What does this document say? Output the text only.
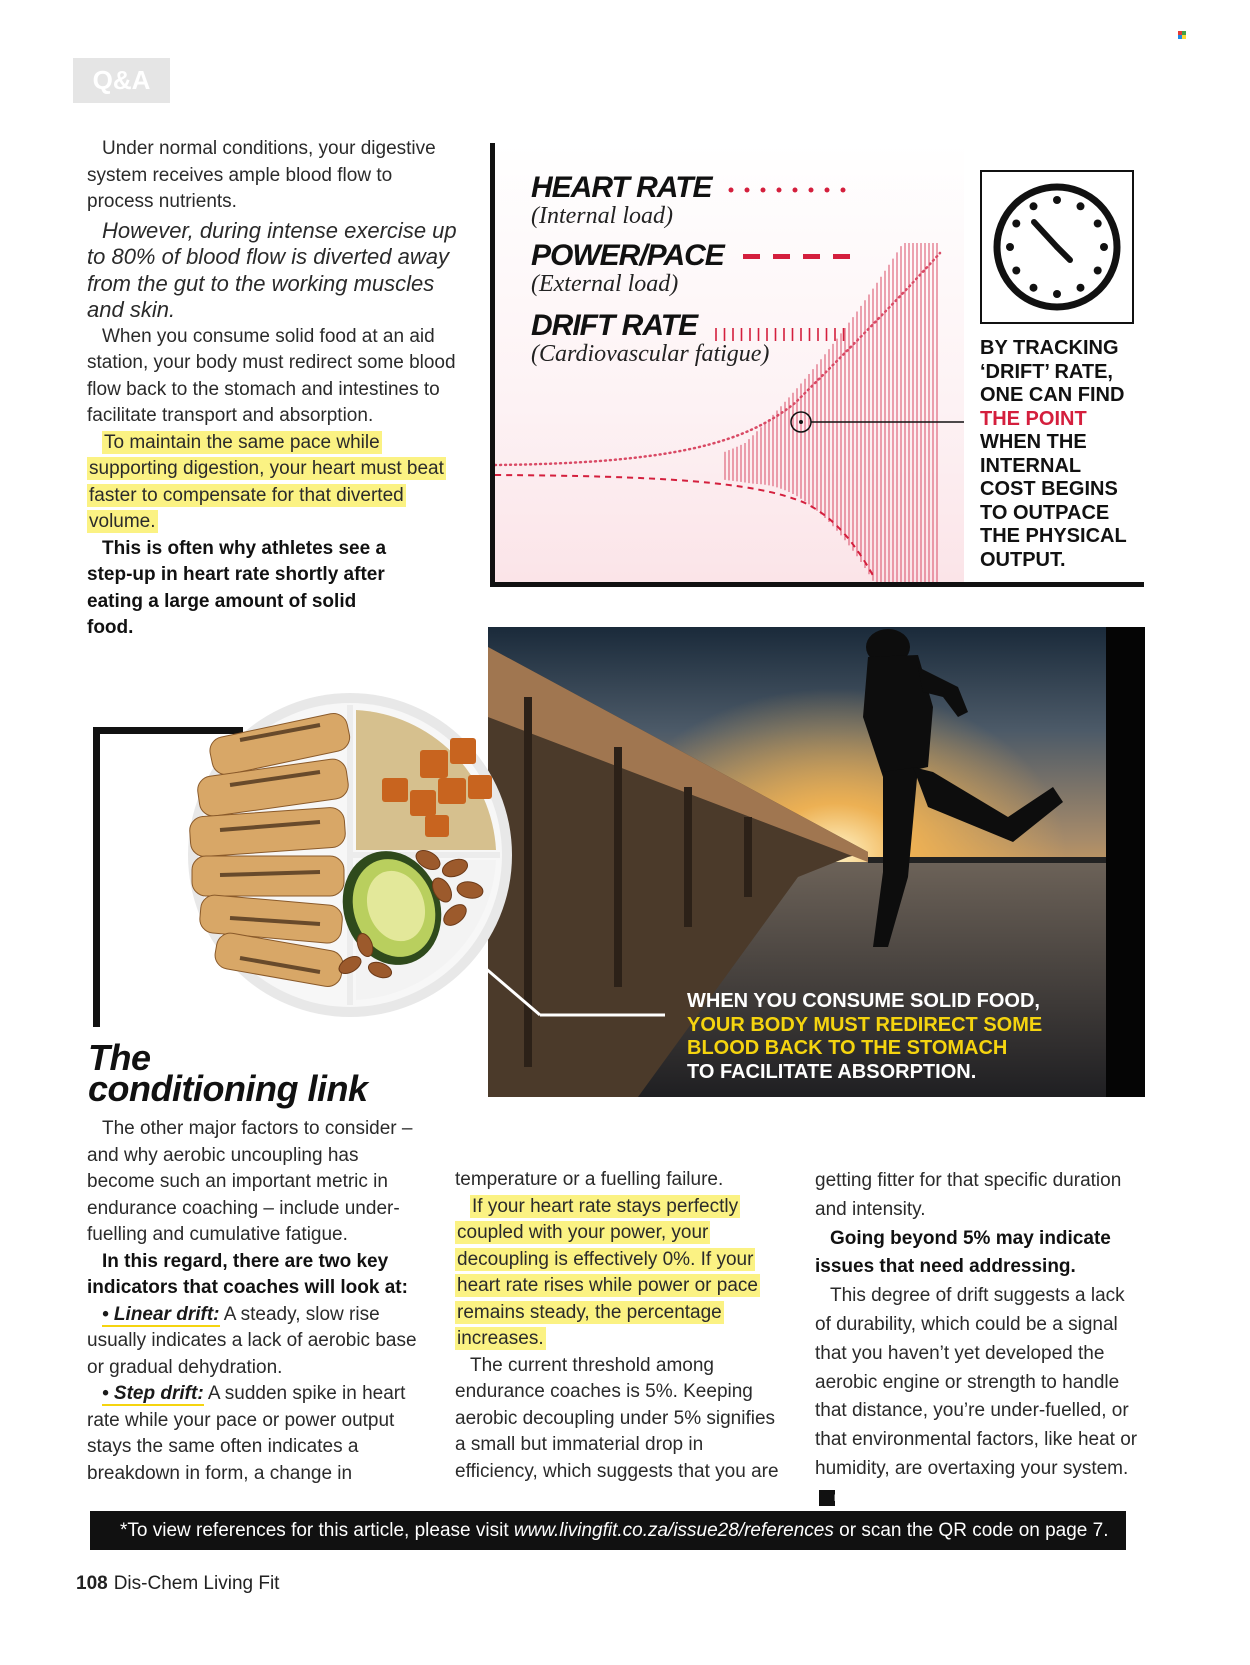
Q&A

Under normal conditions, your digestive system receives ample blood flow to process nutrients.

However, during intense exercise up to 80% of blood flow is diverted away from the gut to the working muscles and skin.

When you consume solid food at an aid station, your body must redirect some blood flow back to the stomach and intestines to facilitate transport and absorption.

To maintain the same pace while supporting digestion, your heart must beat faster to compensate for that diverted volume.

This is often why athletes see a step-up in heart rate shortly after eating a large amount of solid food.

HEART RATE
(Internal load)
POWER/PACE
(External load)
DRIFT RATE
(Cardiovascular fatigue)	BY TRACKING
‘DRIFT’ RATE,
ONE CAN FIND
THE POINT
WHEN THE
INTERNAL
COST BEGINS
TO OUTPACE
THE PHYSICAL
OUTPUT.
WHEN YOU CONSUME SOLID FOOD,
YOUR BODY MUST REDIRECT SOME
BLOOD BACK TO THE STOMACH
TO FACILITATE ABSORPTION.
The
conditioning link

The other major factors to consider – and why aerobic uncoupling has become such an important metric in endurance coaching – include under-fuelling and cumulative fatigue.

In this regard, there are two key indicators that coaches will look at:

• Linear drift: A steady, slow rise usually indicates a lack of aerobic base or gradual dehydration.

• Step drift: A sudden spike in heart rate while your pace or power output stays the same often indicates a breakdown in form, a change in

temperature or a fuelling failure.

If your heart rate stays perfectly coupled with your power, your decoupling is effectively 0%. If your heart rate rises while power or pace remains steady, the percentage increases.

The current threshold among endurance coaches is 5%. Keeping aerobic decoupling under 5% signifies a small but immaterial drop in efficiency, which suggests that you are

getting fitter for that specific duration and intensity.

Going beyond 5% may indicate issues that need addressing.

This degree of drift suggests a lack of durability, which could be a signal that you haven’t yet developed the aerobic engine or strength to handle that distance, you’re under-fuelled, or that environmental factors, like heat or humidity, are overtaxing your system.LF

*To view references for this article, please visit www.livingfit.co.za/issue28/references or scan the QR code on page 7.
108 Dis-Chem Living Fit
